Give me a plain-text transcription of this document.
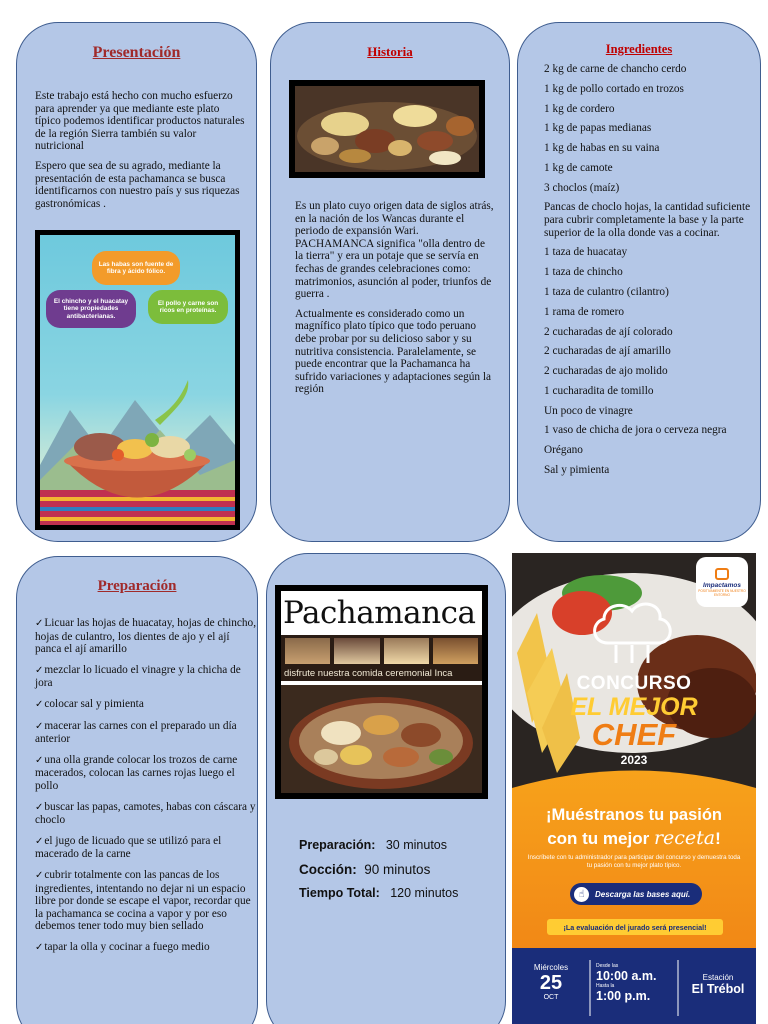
Presentación

Este trabajo está hecho con mucho esfuerzo para aprender ya que mediante este plato típico podemos identificar productos naturales de la región Sierra también su valor nutricional

Espero que sea de su agrado, mediante la presentación de esta pachamanca se busca identificarnos con nuestro país y sus riquezas gastronómicas .

Las habas son fuente de fibra y ácido fólico.
El chincho y el huacatay tiene propiedades antibacterianas.
El pollo y carne son ricos en proteínas.
Historia

Es un plato cuyo origen data de siglos atrás, en la nación de los Wancas durante el periodo de expansión Wari. PACHAMANCA significa "olla dentro de la tierra" y era un potaje que se servía en fechas de grandes celebraciones como: matrimonios, asunción al poder, triunfos de guerra .

Actualmente es considerado como un magnífico plato típico que todo peruano debe probar por su delicioso sabor y su nutritiva consistencia. Paralelamente, se puede encontrar que la Pachamanca ha sufrido variaciones y adaptaciones según la región

Ingredientes
2 kg de carne de chancho cerdo
1 kg de pollo cortado en trozos
1 kg de cordero
1 kg de papas medianas
1 kg de habas en su vaina
1 kg de camote
3 choclos (maíz)
Pancas de choclo hojas, la cantidad suficiente para cubrir completamente la base y la parte superior de la olla donde vas a cocinar.
1 taza de huacatay
1 taza de chincho
1 taza de culantro (cilantro)
1 rama de romero
2 cucharadas de ají colorado
2 cucharadas de ají amarillo
2 cucharadas de ajo molido
1 cucharadita de tomillo
Un poco de vinagre
1 vaso de chicha de jora o cerveza negra
Orégano
Sal y pimienta
Preparación
✓ Licuar las hojas de huacatay, hojas de chincho, hojas de culantro, los dientes de ajo y el ají panca el ají amarillo
✓ mezclar lo licuado el vinagre y la chicha de jora
✓ colocar sal y pimienta
✓ macerar las carnes con el preparado un día anterior
✓ una olla grande colocar los trozos de carne macerados, colocan las carnes rojas luego el pollo
✓ buscar las papas, camotes, habas con cáscara y choclo
✓ el jugo de licuado que se utilizó para el macerado de la carne
✓ cubrir totalmente con las pancas de los ingredientes, intentando no dejar ni un espacio libre por donde se escape el vapor, recordar que la pachamanca se cocina a vapor y por eso debemos tener todo muy bien sellado
✓ tapar la olla y cocinar a fuego medio
Pachamanca
disfrute nuestra comida ceremonial Inca
Preparación: 30 minutos
Cocción: 90 minutos
Tiempo Total: 120 minutos
Impactamos
POSITIVAMENTE EN NUESTRO ENTORNO
CONCURSO
EL MEJOR
CHEF
2023
¡Muéstranos tu pasión
con tu mejor receta!
Inscríbete con tu administrador para participar del concurso y demuestra toda tu pasión con tu mejor plato típico.
☝	Descarga las bases aquí.
¡La evaluación del jurado será presencial!
Miércoles
25
OCT
Desde las
10:00 a.m.
Hasta la
1:00 p.m.
Estación
El Trébol
